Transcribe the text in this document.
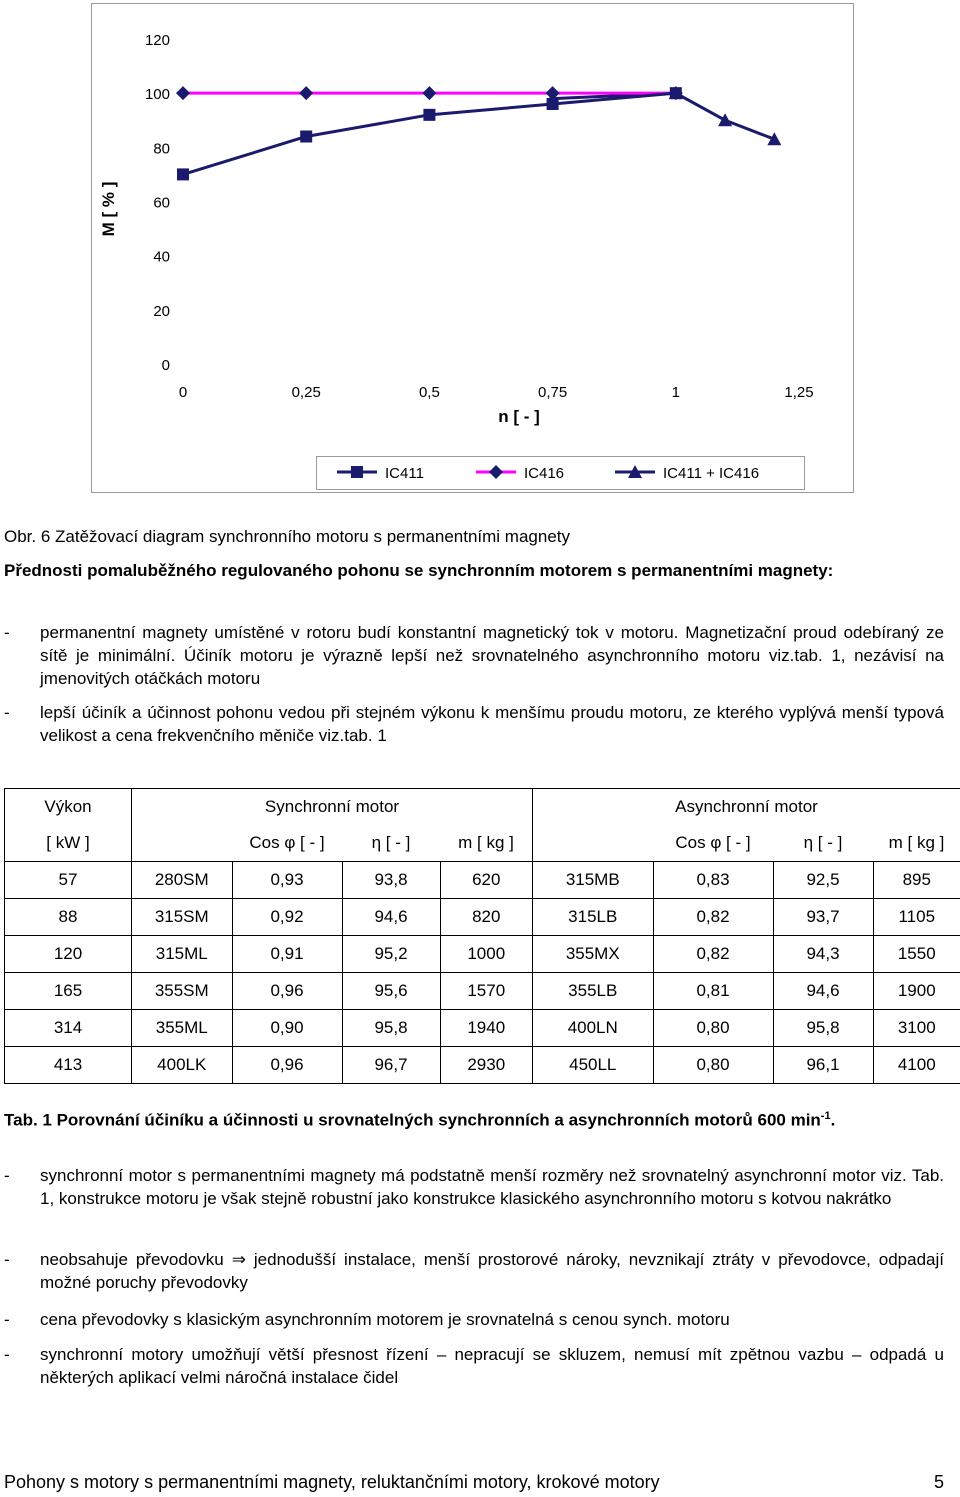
0
20
40
60
80
100
120
0	0,25	0,5	0,75	1	1,25
n [ - ]
M [ % ]
IC411	IC416	IC411 + IC416
Obr. 6 Zatěžovací diagram synchronního motoru s permanentními magnety
Přednosti pomaluběžného regulovaného pohonu se synchronním motorem s permanentními magnety:
- permanentní magnety umístěné v rotoru budí konstantní magnetický tok v motoru. Magnetizační proud odebíraný ze sítě je minimální. Účiník motoru je výrazně lepší než srovnatelného asynchronního motoru viz.tab. 1, nezávisí na jmenovitých otáčkách motoru
- lepší účiník a účinnost pohonu vedou při stejném výkonu k menšímu proudu motoru, ze kterého vyplývá menší typová velikost a cena frekvenčního měniče viz.tab. 1
Výkon	Synchronní motor				Asynchronní motor			
[ kW ]		Cos φ [ - ]	η [ - ]	m [ kg ]		Cos φ [ - ]	η [ - ]	m [ kg ]
57	280SM	0,93	93,8	620	315MB	0,83	92,5	895
88	315SM	0,92	94,6	820	315LB	0,82	93,7	1105
120	315ML	0,91	95,2	1000	355MX	0,82	94,3	1550
165	355SM	0,96	95,6	1570	355LB	0,81	94,6	1900
314	355ML	0,90	95,8	1940	400LN	0,80	95,8	3100
413	400LK	0,96	96,7	2930	450LL	0,80	96,1	4100
Tab. 1 Porovnání účiníku a účinnosti u srovnatelných synchronních a asynchronních motorů 600 $\min^{-1}$.
- synchronní motor s permanentními magnety má podstatně menší rozměry než srovnatelný asynchronní motor viz. Tab. 1, konstrukce motoru je však stejně robustní jako konstrukce klasického asynchronního motoru s kotvou nakrátko
- neobsahuje převodovku ⇒ jednodušší instalace, menší prostorové nároky, nevznikají ztráty v převodovce, odpadají možné poruchy převodovky
- cena převodovky s klasickým asynchronním motorem je srovnatelná s cenou synch. motoru
- synchronní motory umožňují větší přesnost řízení – nepracují se skluzem, nemusí mít zpětnou vazbu – odpadá u některých aplikací velmi náročná instalace čidel
Pohony s motory s permanentními magnety, reluktančními motory, krokové motory	5
